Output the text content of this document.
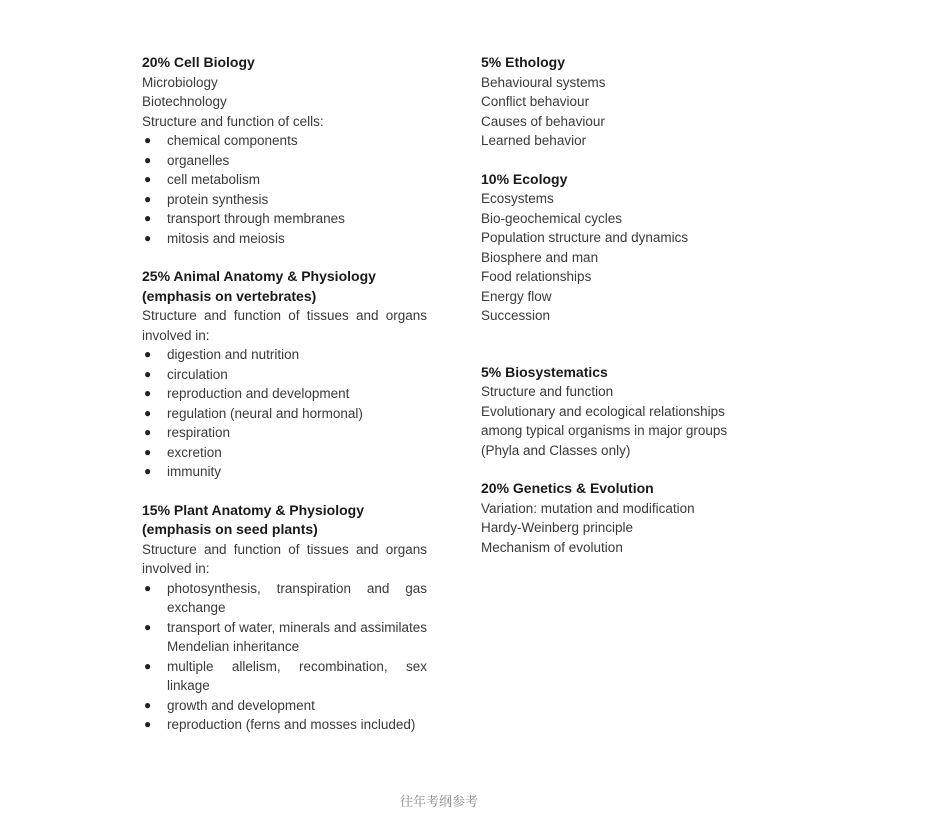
20% Cell Biology
Microbiology
Biotechnology
Structure and function of cells:
● chemical components
● organelles
● cell metabolism
● protein synthesis
● transport through membranes
● mitosis and meiosis
25% Animal Anatomy & Physiology
(emphasis on vertebrates)
Structure and function of tissues and organs involved in:
● digestion and nutrition
● circulation
● reproduction and development
● regulation (neural and hormonal)
● respiration
● excretion
● immunity
15% Plant Anatomy & Physiology
(emphasis on seed plants)
Structure and function of tissues and organs involved in:
● photosynthesis, transpiration and gas exchange
● transport of water, minerals and assimilates Mendelian inheritance
● multiple allelism, recombination, sex linkage
● growth and development
● reproduction (ferns and mosses included)
5% Ethology
Behavioural systems
Conflict behaviour
Causes of behaviour
Learned behavior
10% Ecology
Ecosystems
Bio-geochemical cycles
Population structure and dynamics
Biosphere and man
Food relationships
Energy flow
Succession
5% Biosystematics
Structure and function
Evolutionary and ecological relationships among typical organisms in major groups (Phyla and Classes only)
20% Genetics & Evolution
Variation: mutation and modification
Hardy-Weinberg principle
Mechanism of evolution
往年考纲参考
